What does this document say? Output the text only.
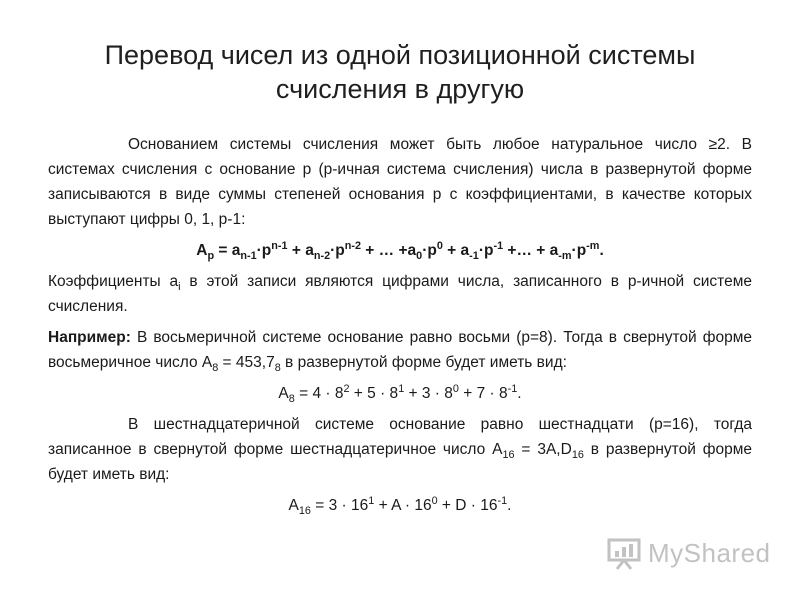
Перевод чисел из одной позиционной системы счисления в другую

Основанием системы счисления может быть любое натуральное число ≥2. В системах счисления с основание p (p-ичная система счисления) числа в развернутой форме записываются в виде суммы степеней основания p с коэффициентами, в качестве которых выступают цифры 0, 1, p-1:

$A_p = a_{n-1}\cdot p^{n-1} + a_{n-2}\cdot p^{n-2}$ + … $+a_0\cdot p^0 + a_{-1}\cdot p^{-1}$ +… + $a_{-m}\cdot p^{-m}$.

Коэффициенты $a_i$ в этой записи являются цифрами числа, записанного в p-ичной системе счисления.

Например: В восьмеричной системе основание равно восьми (p=8). Тогда в свернутой форме восьмеричное число $A_8 = 453,7_8$ в развернутой форме будет иметь вид:

$A_8 = 4 \cdot 8^2 + 5 \cdot 8^1 + 3 \cdot 8^0 + 7 \cdot 8^{-1}$.

В шестнадцатеричной системе основание равно шестнадцати (p=16), тогда записанное в свернутой форме шестнадцатеричное число $A_{16} = 3A,D_{16}$ в развернутой форме будет иметь вид:

$A_{16} = 3 \cdot 16^1 + A \cdot 16^0 + D \cdot 16^{-1}$.

MyShared
